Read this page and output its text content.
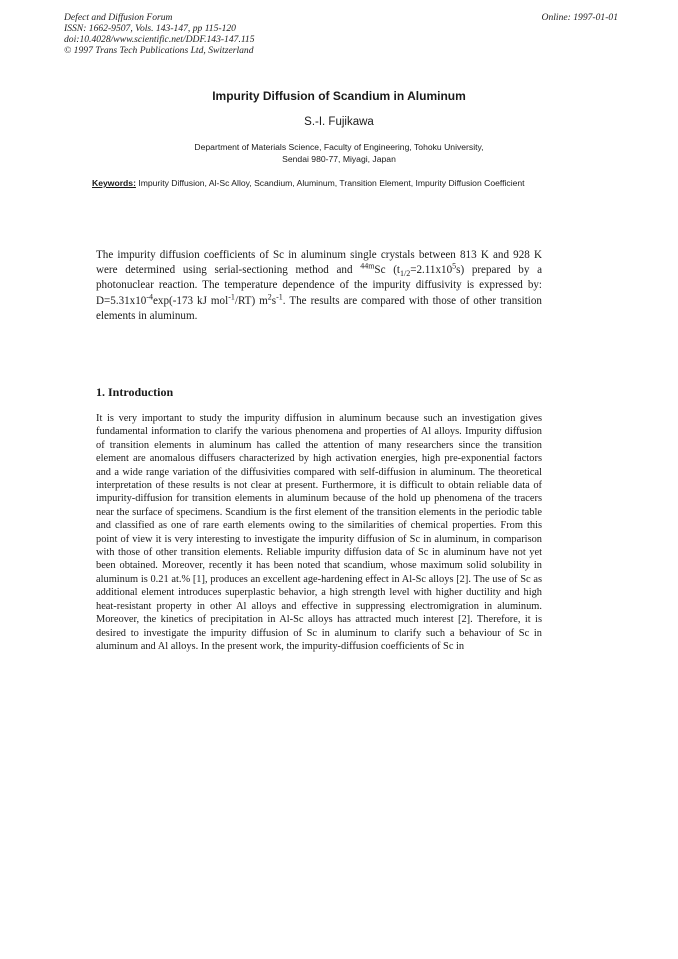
Defect and Diffusion Forum
ISSN: 1662-9507, Vols. 143-147, pp 115-120
doi:10.4028/www.scientific.net/DDF.143-147.115
© 1997 Trans Tech Publications Ltd, Switzerland
Online: 1997-01-01
Impurity Diffusion of Scandium in Aluminum
S.-I. Fujikawa
Department of Materials Science, Faculty of Engineering, Tohoku University,
Sendai 980-77, Miyagi, Japan
Keywords: Impurity Diffusion, Al-Sc Alloy, Scandium, Aluminum, Transition Element, Impurity Diffusion Coefficient
The impurity diffusion coefficients of Sc in aluminum single crystals between 813 K and 928 K were determined using serial-sectioning method and $^{44m}$Sc $(t_{1/2}=2.11x10^5s)$ prepared by a photonuclear reaction. The temperature dependence of the impurity diffusivity is expressed by: $D=5.31x10^{-4}\exp(-173$ kJ mol$^{-1}$/RT) $m^2s^{-1}$. The results are compared with those of other transition elements in aluminum.
1. Introduction
It is very important to study the impurity diffusion in aluminum because such an investigation gives fundamental information to clarify the various phenomena and properties of Al alloys. Impurity diffusion of transition elements in aluminum has called the attention of many researchers since the transition element are anomalous diffusers characterized by high activation energies, high pre-exponential factors and a wide range variation of the diffusivities compared with self-diffusion in aluminum. The theoretical interpretation of these results is not clear at present. Furthermore, it is difficult to obtain reliable data of impurity-diffusion for transition elements in aluminum because of the hold up phenomena of the tracers near the surface of specimens. Scandium is the first element of the transition elements in the periodic table and classified as one of rare earth elements owing to the similarities of chemical properties. From this point of view it is very interesting to investigate the impurity diffusion of Sc in aluminum, in comparison with those of other transition elements. Reliable impurity diffusion data of Sc in aluminum have not yet been obtained. Moreover, recently it has been noted that scandium, whose maximum solid solubility in aluminum is 0.21 at.% [1], produces an excellent age-hardening effect in Al-Sc alloys [2]. The use of Sc as additional element introduces superplastic behavior, a high strength level with higher ductility and high heat-resistant property in other Al alloys and effective in suppressing electromigration in aluminum. Moreover, the kinetics of precipitation in Al-Sc alloys has attracted much interest [2]. Therefore, it is desired to investigate the impurity diffusion of Sc in aluminum to clarify such a behaviour of Sc in aluminum and Al alloys. In the present work, the impurity-diffusion coefficients of Sc in
